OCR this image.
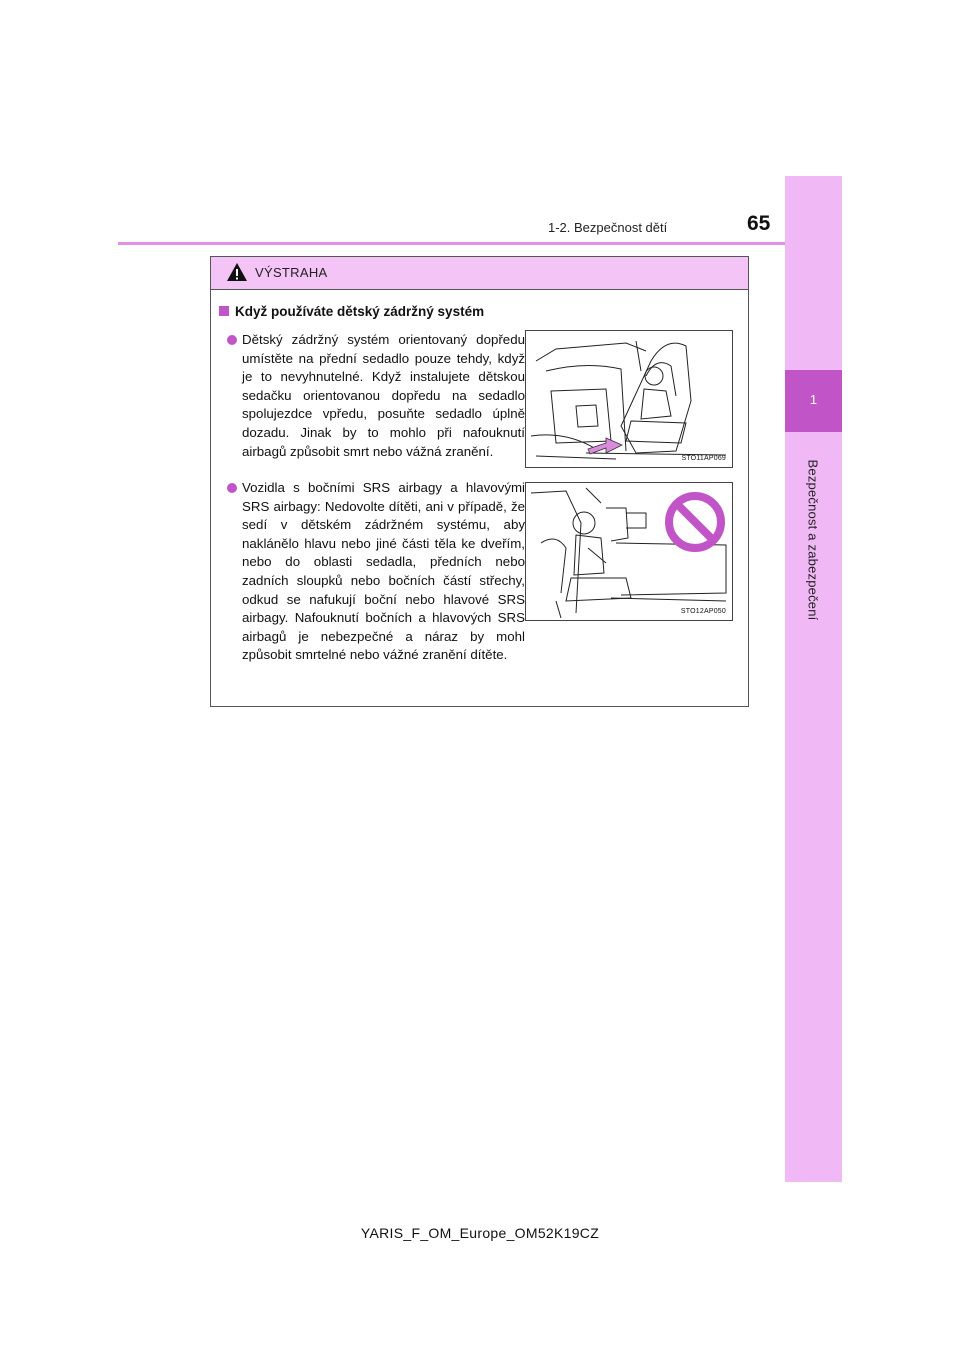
1
Bezpečnost a zabezpečení
1-2. Bezpečnost dětí	65
VÝSTRAHA
Když používáte dětský zádržný systém
Dětský zádržný systém orientovaný dopředu umístěte na přední sedadlo pouze tehdy, když je to nevyhnutelné. Když instalujete dětskou sedačku orientovanou dopředu na sedadlo spolujezdce vpředu, posuňte sedadlo úplně dozadu. Jinak by to mohlo při nafouknutí airbagů způsobit smrt nebo vážná zranění.	STO11AP069
Vozidla s bočními SRS airbagy a hlavovými SRS airbagy: Nedovolte dítěti, ani v případě, že sedí v dětském zádržném systému, aby naklánělo hlavu nebo jiné části těla ke dveřím, nebo do oblasti sedadla, předních nebo zadních sloupků nebo bočních částí střechy, odkud se nafukují boční nebo hlavové SRS airbagy. Nafouknutí bočních a hlavových SRS airbagů je nebezpečné a náraz by mohl způsobit smrtelné nebo vážné zranění dítěte.
STO12AP050
YARIS_F_OM_Europe_OM52K19CZ
